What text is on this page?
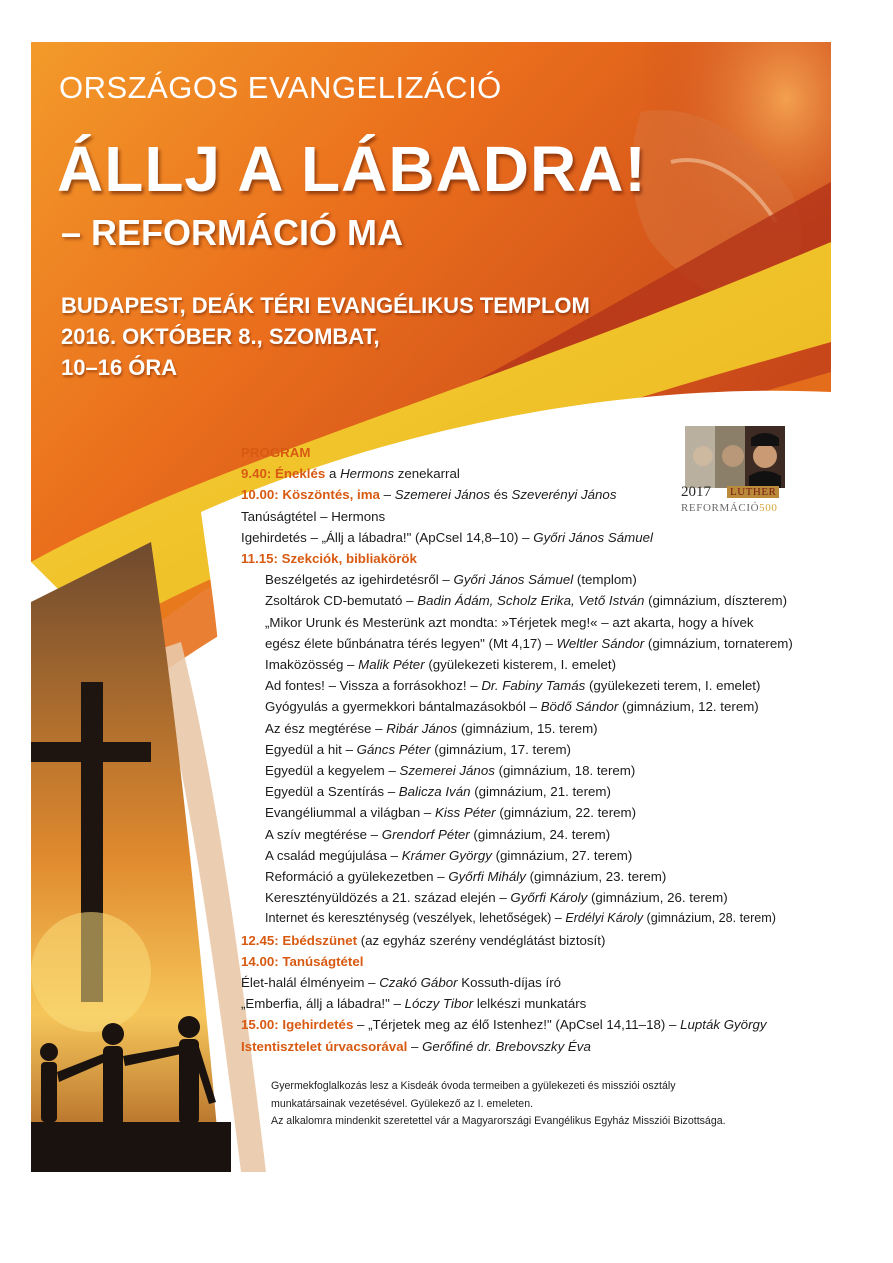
ORSZÁGOS EVANGELIZÁCIÓ
ÁLLJ A LÁBADRA!
– REFORMÁCIÓ MA
BUDAPEST, DEÁK TÉRI EVANGÉLIKUS TEMPLOM
2016. OKTÓBER 8., SZOMBAT,
10–16 ÓRA
2017 LUTHER
REFORMÁCIÓ500
PROGRAM
9.40: Éneklés a Hermons zenekarral
10.00: Köszöntés, ima – Szemerei János és Szeverényi János
Tanúságtétel – Hermons
Igehirdetés – „Állj a lábadra!" (ApCsel 14,8–10) – Győri János Sámuel
11.15: Szekciók, bibliakörök
Beszélgetés az igehirdetésről – Győri János Sámuel (templom)
Zsoltárok CD-bemutató – Badin Ádám, Scholz Erika, Vető István (gimnázium, díszterem)
„Mikor Urunk és Mesterünk azt mondta: »Térjetek meg!« – azt akarta, hogy a hívek
egész élete bűnbánatra térés legyen" (Mt 4,17) – Weltler Sándor (gimnázium, tornaterem)
Imaközösség – Malik Péter (gyülekezeti kisterem, I. emelet)
Ad fontes! – Vissza a forrásokhoz! – Dr. Fabiny Tamás (gyülekezeti terem, I. emelet)
Gyógyulás a gyermekkori bántalmazásokból – Bödő Sándor (gimnázium, 12. terem)
Az ész megtérése – Ribár János (gimnázium, 15. terem)
Egyedül a hit – Gáncs Péter (gimnázium, 17. terem)
Egyedül a kegyelem – Szemerei János (gimnázium, 18. terem)
Egyedül a Szentírás – Balicza Iván (gimnázium, 21. terem)
Evangéliummal a világban – Kiss Péter (gimnázium, 22. terem)
A szív megtérése – Grendorf Péter (gimnázium, 24. terem)
A család megújulása – Krámer György (gimnázium, 27. terem)
Reformáció a gyülekezetben – Győrfi Mihály (gimnázium, 23. terem)
Keresztényüldözés a 21. század elején – Győrfi Károly (gimnázium, 26. terem)
Internet és kereszténység (veszélyek, lehetőségek) – Erdélyi Károly (gimnázium, 28. terem)
12.45: Ebédszünet (az egyház szerény vendéglátást biztosít)
14.00: Tanúságtétel
Élet-halál élményeim – Czakó Gábor Kossuth-díjas író
„Emberfia, állj a lábadra!" – Lóczy Tibor lelkészi munkatárs
15.00: Igehirdetés – „Térjetek meg az élő Istenhez!" (ApCsel 14,11–18) – Lupták György
Istentisztelet úrvacsorával – Gerőfiné dr. Brebovszky Éva
Gyermekfoglalkozás lesz a Kisdeák óvoda termeiben a gyülekezeti és missziói osztály
munkatársainak vezetésével. Gyülekező az I. emeleten.
Az alkalomra mindenkit szeretettel vár a Magyarországi Evangélikus Egyház Missziói Bizottsága.
